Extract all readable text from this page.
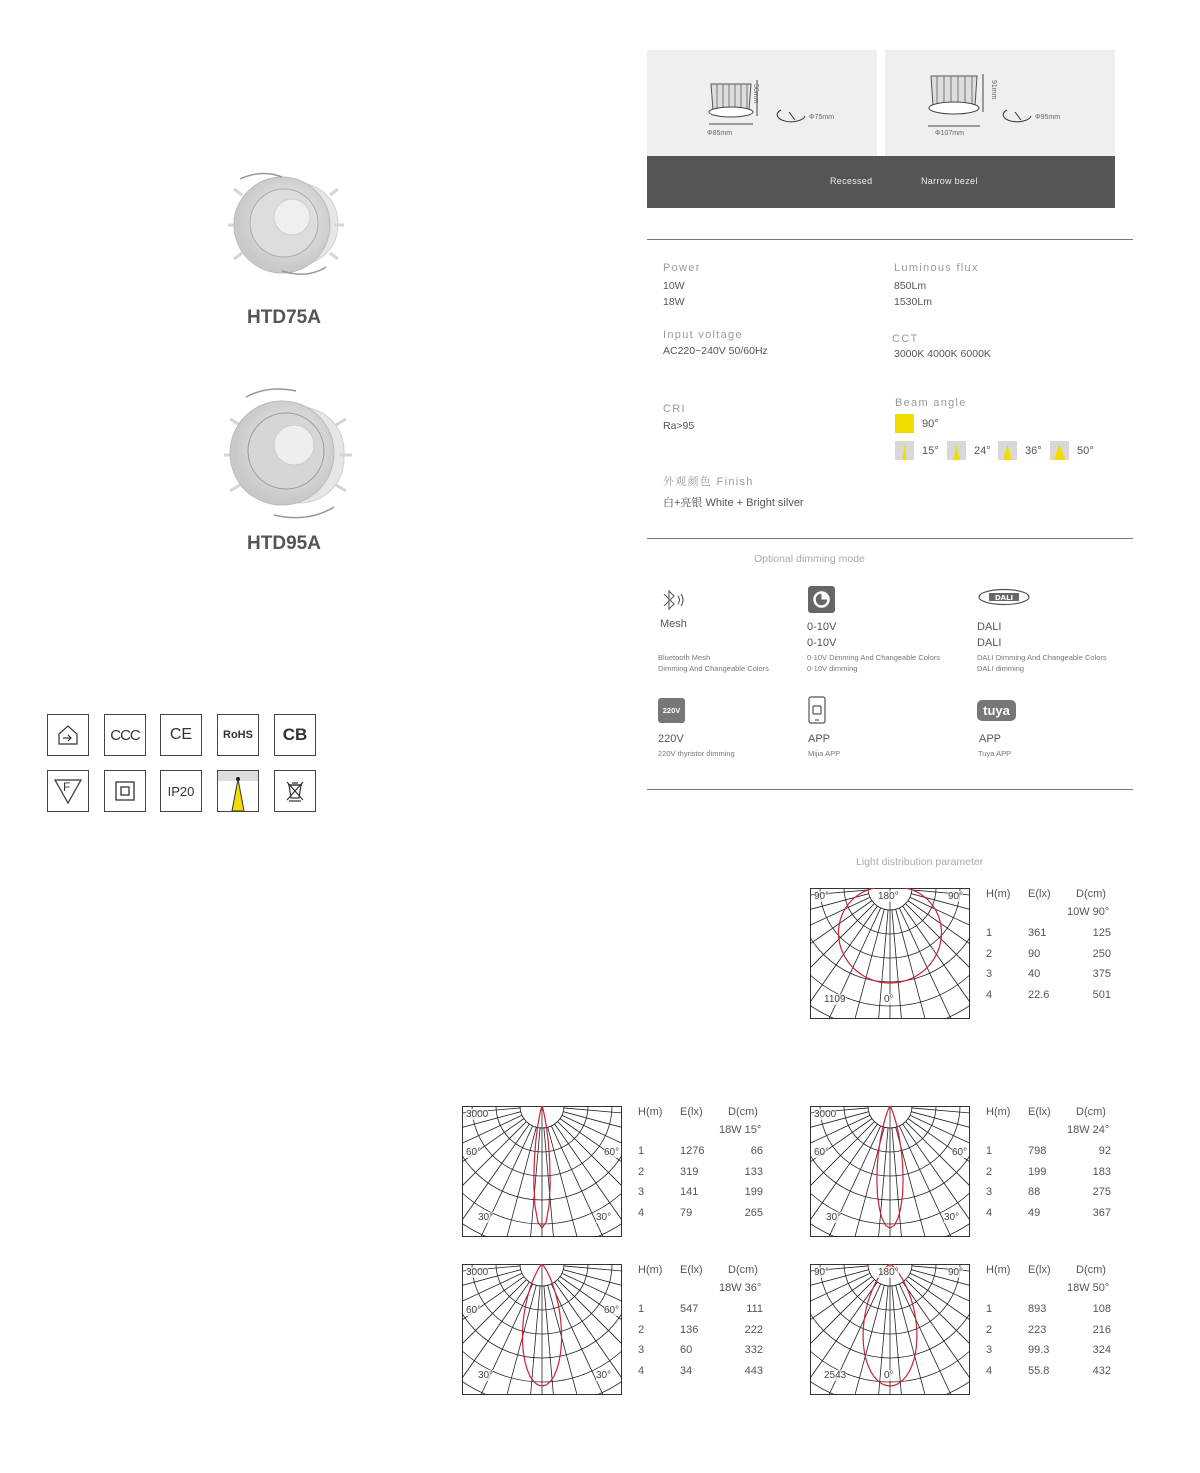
HTD75A
HTD95A
CCC	CE	RoHS	CB
F	IP20
56mm
Φ85mm
Φ75mm
91mm
Φ107mm
Φ95mm
Recessed	Narrow bezel
Power
10W
18W
Luminous flux
850Lm
1530Lm
Input voltage
AC220~240V 50/60Hz
CCT
3000K 4000K 6000K
CRI
Ra>95
Beam angle
90°
15°	24°	36°	50°
外观颜色 Finish
白+亮银 White + Bright silver
Optional dimming mode
Mesh
Bluetooth Mesh
Dimming And Changeable Colors
0-10V
0-10V
0-10V Dimming And Changeable Colors
0-10V dimming
DALI
DALI
DALI
DALI Dimming And Changeable Colors
DALI dimming
220V
220V
220V thyristor dimming
APP
Mijia APP
tuya
APP
Tuya APP
Light distribution parameter
90°	180°	90°
1109	0°
H(m) E(lx) D(cm)
10W 90°
1	361	125
2	90	250
3	40	375
4	22.6	501
3000
60°	60°
30°	30°
H(m) E(lx) D(cm)
18W 15°
1	1276	66
2	319	133
3	141	199
4	79	265
3000
60°	60°
30°	30°
H(m) E(lx) D(cm)
18W 24°
1	798	92
2	199	183
3	88	275
4	49	367
3000
60°	60°
30°	30°
H(m) E(lx) D(cm)
18W 36°
1	547	111
2	136	222
3	60	332
4	34	443
90°	180°	90°
2543	0°
H(m) E(lx) D(cm)
18W 50°
1	893	108
2	223	216
3	99.3	324
4	55.8	432
